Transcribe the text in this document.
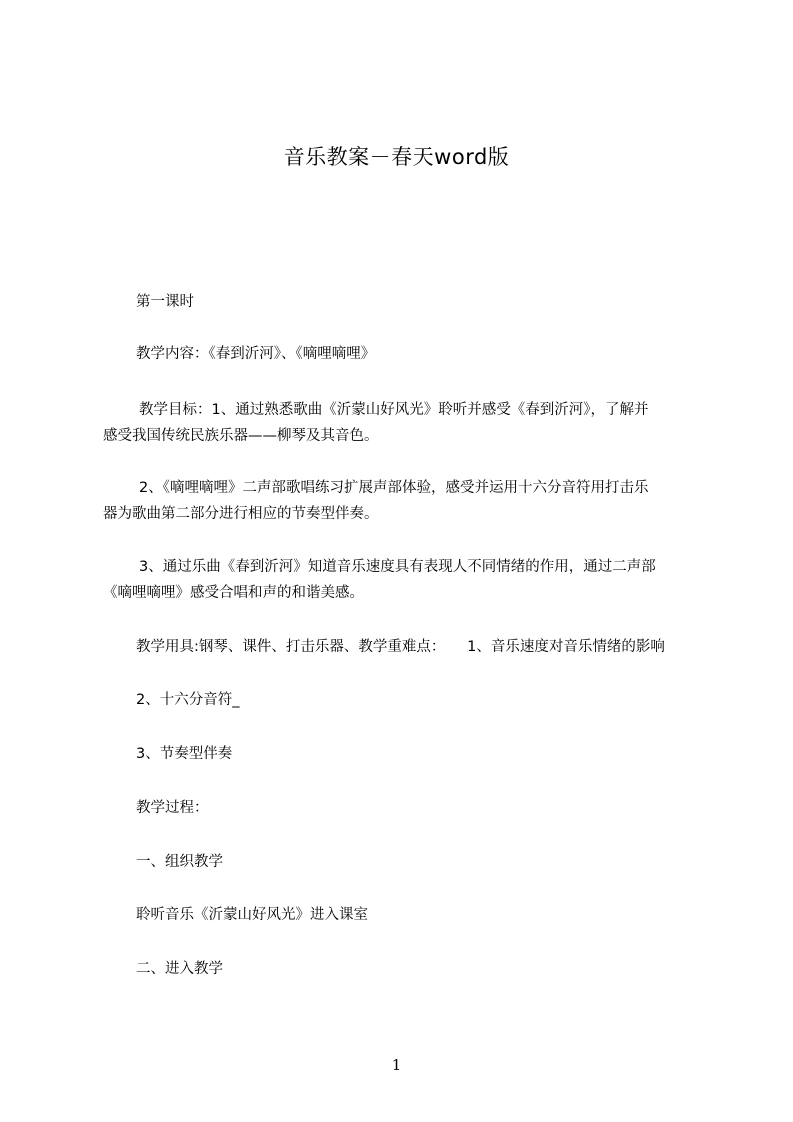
音乐教案－春天word版
第一课时
教学内容：《春到沂河》、《嘀哩嘀哩》
教学目标：1、通过熟悉歌曲《沂蒙山好风光》聆听并感受《春到沂河》，了解并
感受我国传统民族乐器——柳琴及其音色。
2、《嘀哩嘀哩》二声部歌唱练习扩展声部体验，感受并运用十六分音符用打击乐
器为歌曲第二部分进行相应的节奏型伴奏。
3、通过乐曲《春到沂河》知道音乐速度具有表现人不同情绪的作用，通过二声部
《嘀哩嘀哩》感受合唱和声的和谐美感。
教学用具:钢琴、课件、打击乐器、教学重难点：　　1、音乐速度对音乐情绪的影响
2、十六分音符_
3、节奏型伴奏
教学过程：
一、组织教学
聆听音乐《沂蒙山好风光》进入课室
二、进入教学
1
